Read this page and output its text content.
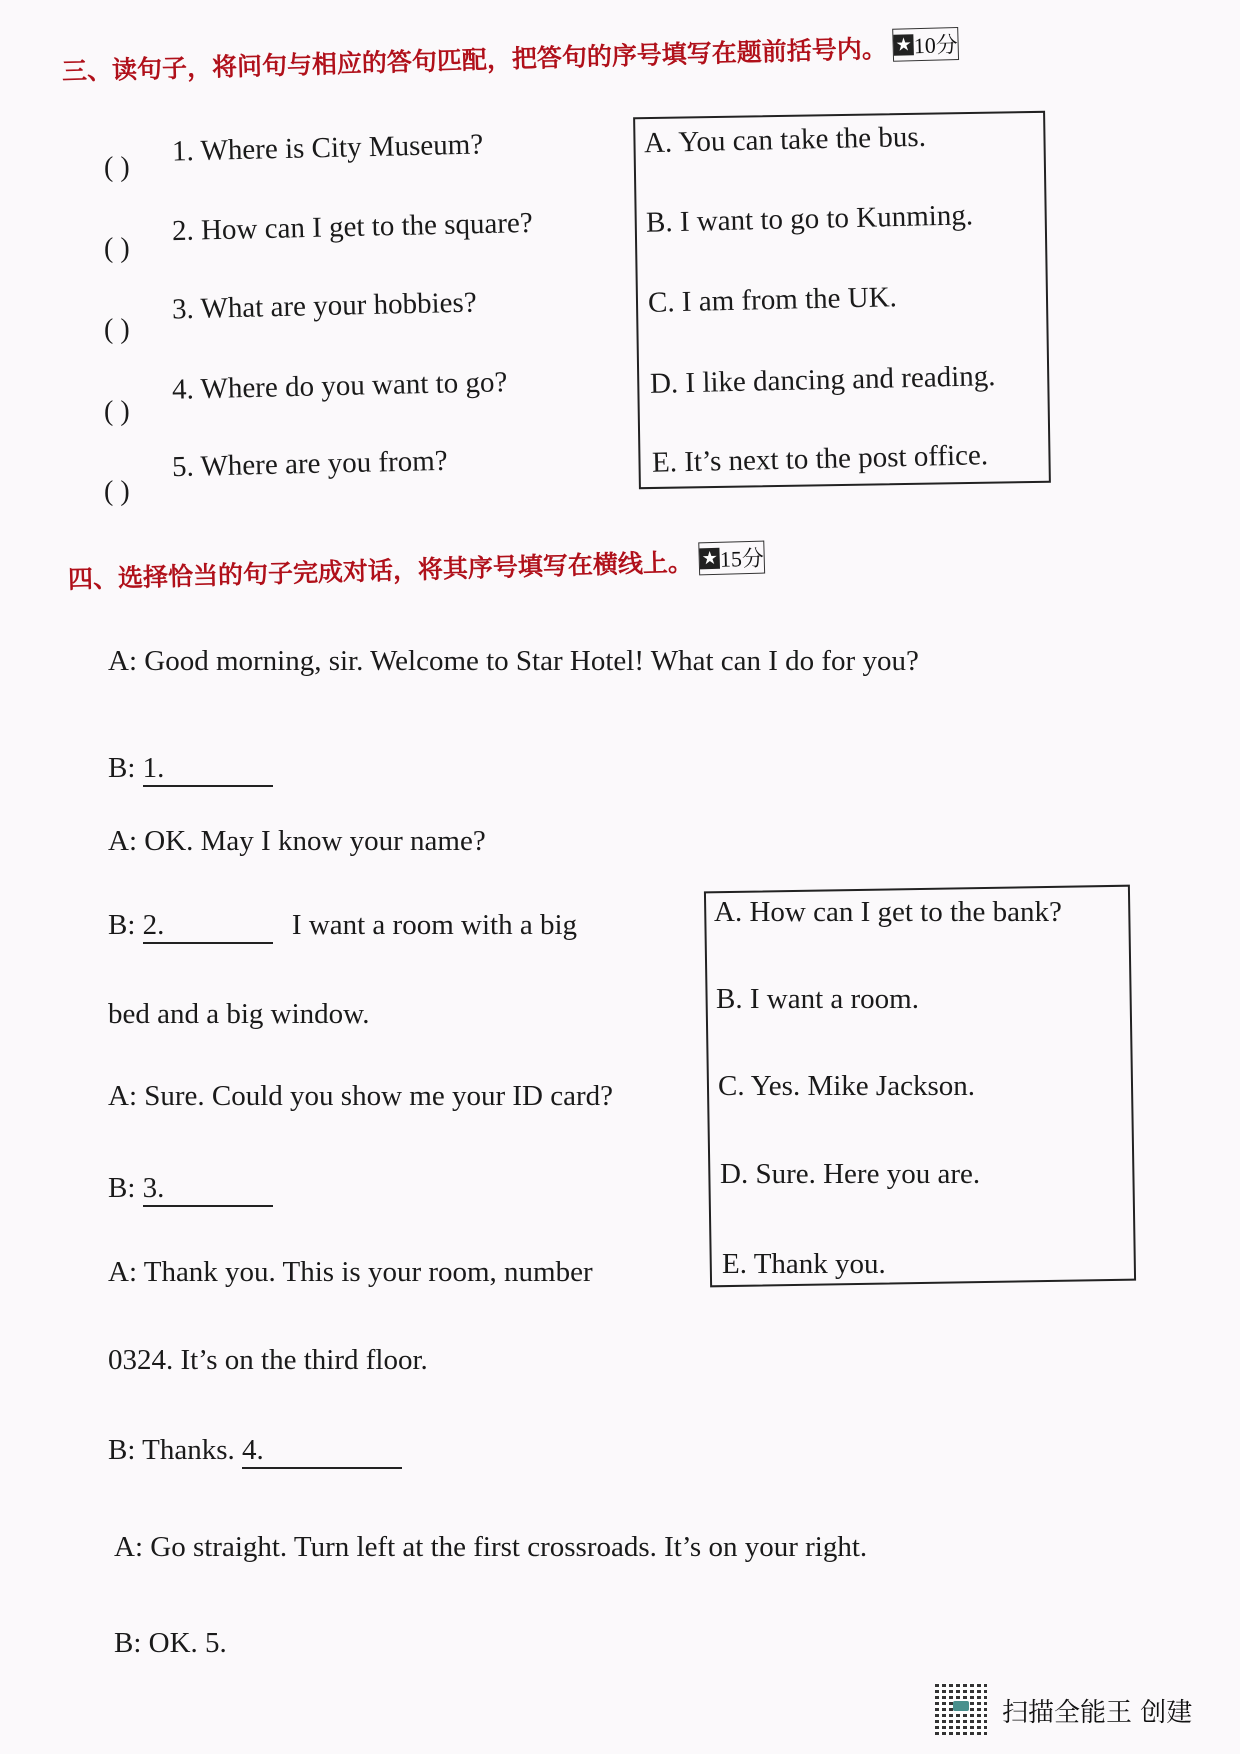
三、读句子，将问句与相应的答句匹配，把答句的序号填写在题前括号内。 ★ 10分
( ) 1. Where is City Museum?
( )
2. How can I get to the square?
( )
3. What are your hobbies?
( )
4. Where do you want to go?
( )
5. Where are you from?
A. You can take the bus.
B. I want to go to Kunming.
C. I am from the UK.
D. I like dancing and reading.
E. It’s next to the post office.
四、选择恰当的句子完成对话，将其序号填写在横线上。 ★ 15分
A: Good morning, sir. Welcome to Star Hotel! What can I do for you?
B: 1.
A: OK. May I know your name?
B: 2.	I want a room with a big
bed and a big window.
A: Sure. Could you show me your ID card?
B: 3.
A: Thank you. This is your room, number
0324. It’s on the third floor.
B: Thanks. 4.
A: Go straight. Turn left at the first crossroads. It’s on your right.
B: OK. 5.
A. How can I get to the bank?
B. I want a room.
C. Yes. Mike Jackson.
D. Sure. Here you are.
E. Thank you.
扫描全能王 创建
